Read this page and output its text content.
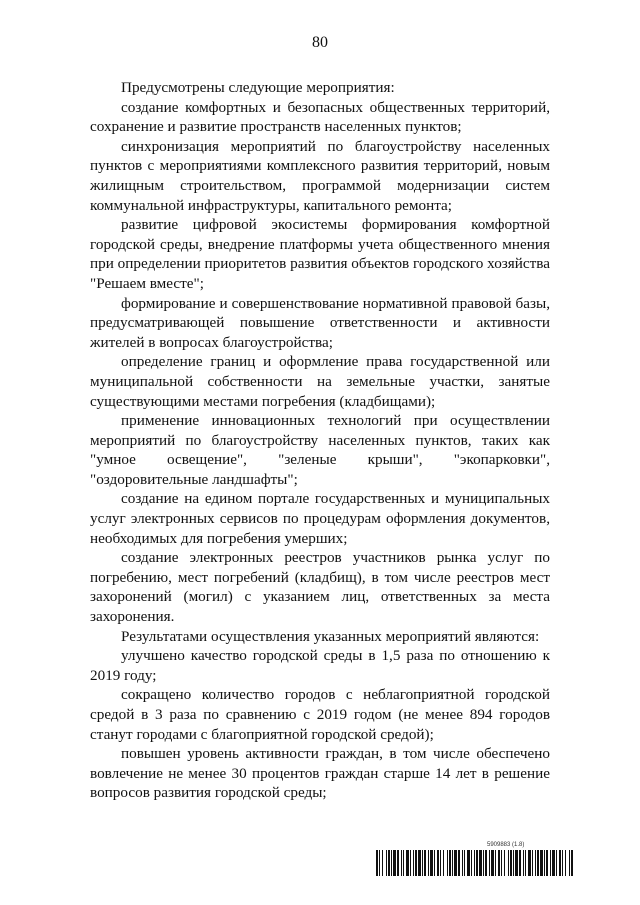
80

Предусмотрены следующие мероприятия:

создание комфортных и безопасных общественных территорий, сохранение и развитие пространств населенных пунктов;

синхронизация мероприятий по благоустройству населенных пунктов с мероприятиями комплексного развития территорий, новым жилищным строительством, программой модернизации систем коммунальной инфраструктуры, капитального ремонта;

развитие цифровой экосистемы формирования комфортной городской среды, внедрение платформы учета общественного мнения при определении приоритетов развития объектов городского хозяйства "Решаем вместе";

формирование и совершенствование нормативной правовой базы, предусматривающей повышение ответственности и активности жителей в вопросах благоустройства;

определение границ и оформление права государственной или муниципальной собственности на земельные участки, занятые существующими местами погребения (кладбищами);

применение инновационных технологий при осуществлении мероприятий по благоустройству населенных пунктов, таких как "умное освещение", "зеленые крыши", "экопарковки", "оздоровительные ландшафты";

создание на едином портале государственных и муниципальных услуг электронных сервисов по процедурам оформления документов, необходимых для погребения умерших;

создание электронных реестров участников рынка услуг по погребению, мест погребений (кладбищ), в том числе реестров мест захоронений (могил) с указанием лиц, ответственных за места захоронения.

Результатами осуществления указанных мероприятий являются:

улучшено качество городской среды в 1,5 раза по отношению к 2019 году;

сокращено количество городов с неблагоприятной городской средой в 3 раза по сравнению с 2019 годом (не менее 894 городов станут городами с благоприятной городской средой);

повышен уровень активности граждан, в том числе обеспечено вовлечение не менее 30 процентов граждан старше 14 лет в решение вопросов развития городской среды;

5909883 (1.8)
